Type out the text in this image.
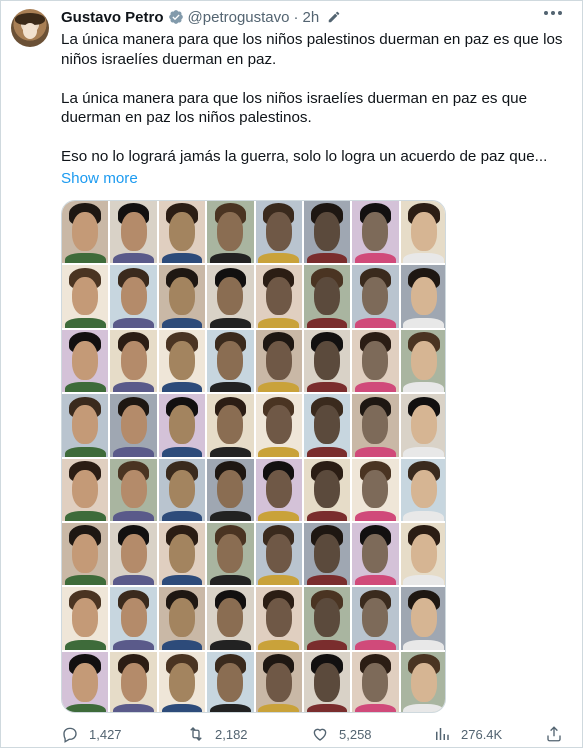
Gustavo Petro @petrogustavo · 2h

La única manera para que los niños palestinos duerman en paz es que los niños israelíes duerman en paz.

La única manera para que los niños israelíes duerman en paz es que duerman en paz los niños palestinos.

Eso no lo logrará jamás la guerra, solo lo logra un acuerdo de paz que...

Show more
1,427	2,182	5,258	276.4K
